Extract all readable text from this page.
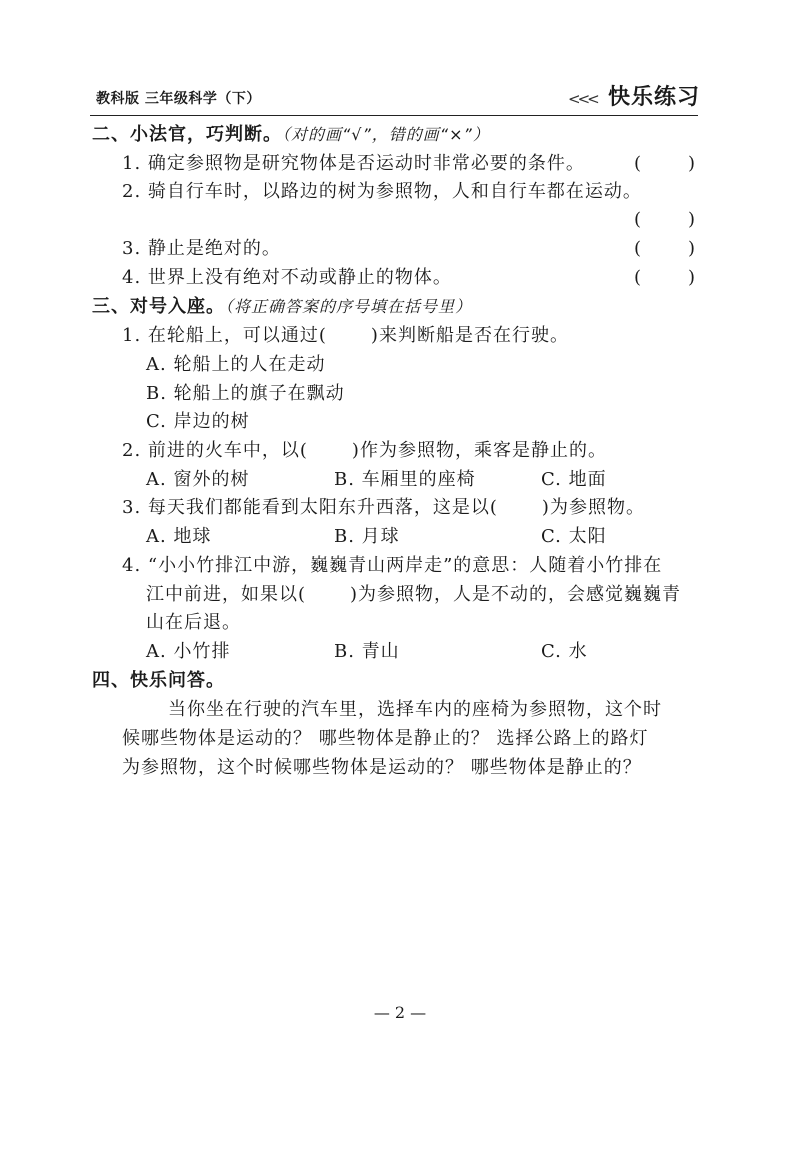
教科版 三年级科学（下）	<<< 快乐练习
二、小法官，巧判断。（对的画“√”，错的画“×”）
1. 确定参照物是研究物体是否运动时非常必要的条件。	(	)
2. 骑自行车时，以路边的树为参照物，人和自行车都在运动。
(	)
3. 静止是绝对的。	(	)
4. 世界上没有绝对不动或静止的物体。	(	)
三、对号入座。（将正确答案的序号填在括号里）
1. 在轮船上，可以通过( )来判断船是否在行驶。
A. 轮船上的人在走动
B. 轮船上的旗子在飘动
C. 岸边的树
2. 前进的火车中，以( )作为参照物，乘客是静止的。
A. 窗外的树	B. 车厢里的座椅	C. 地面
3. 每天我们都能看到太阳东升西落，这是以( )为参照物。
A. 地球	B. 月球	C. 太阳
4. “小小竹排江中游，巍巍青山两岸走”的意思：人随着小竹排在
江中前进，如果以( )为参照物，人是不动的，会感觉巍巍青
山在后退。
A. 小竹排	B. 青山	C. 水
四、快乐问答。
当你坐在行驶的汽车里，选择车内的座椅为参照物，这个时
候哪些物体是运动的？ 哪些物体是静止的？ 选择公路上的路灯
为参照物，这个时候哪些物体是运动的？ 哪些物体是静止的？
— 2 —
